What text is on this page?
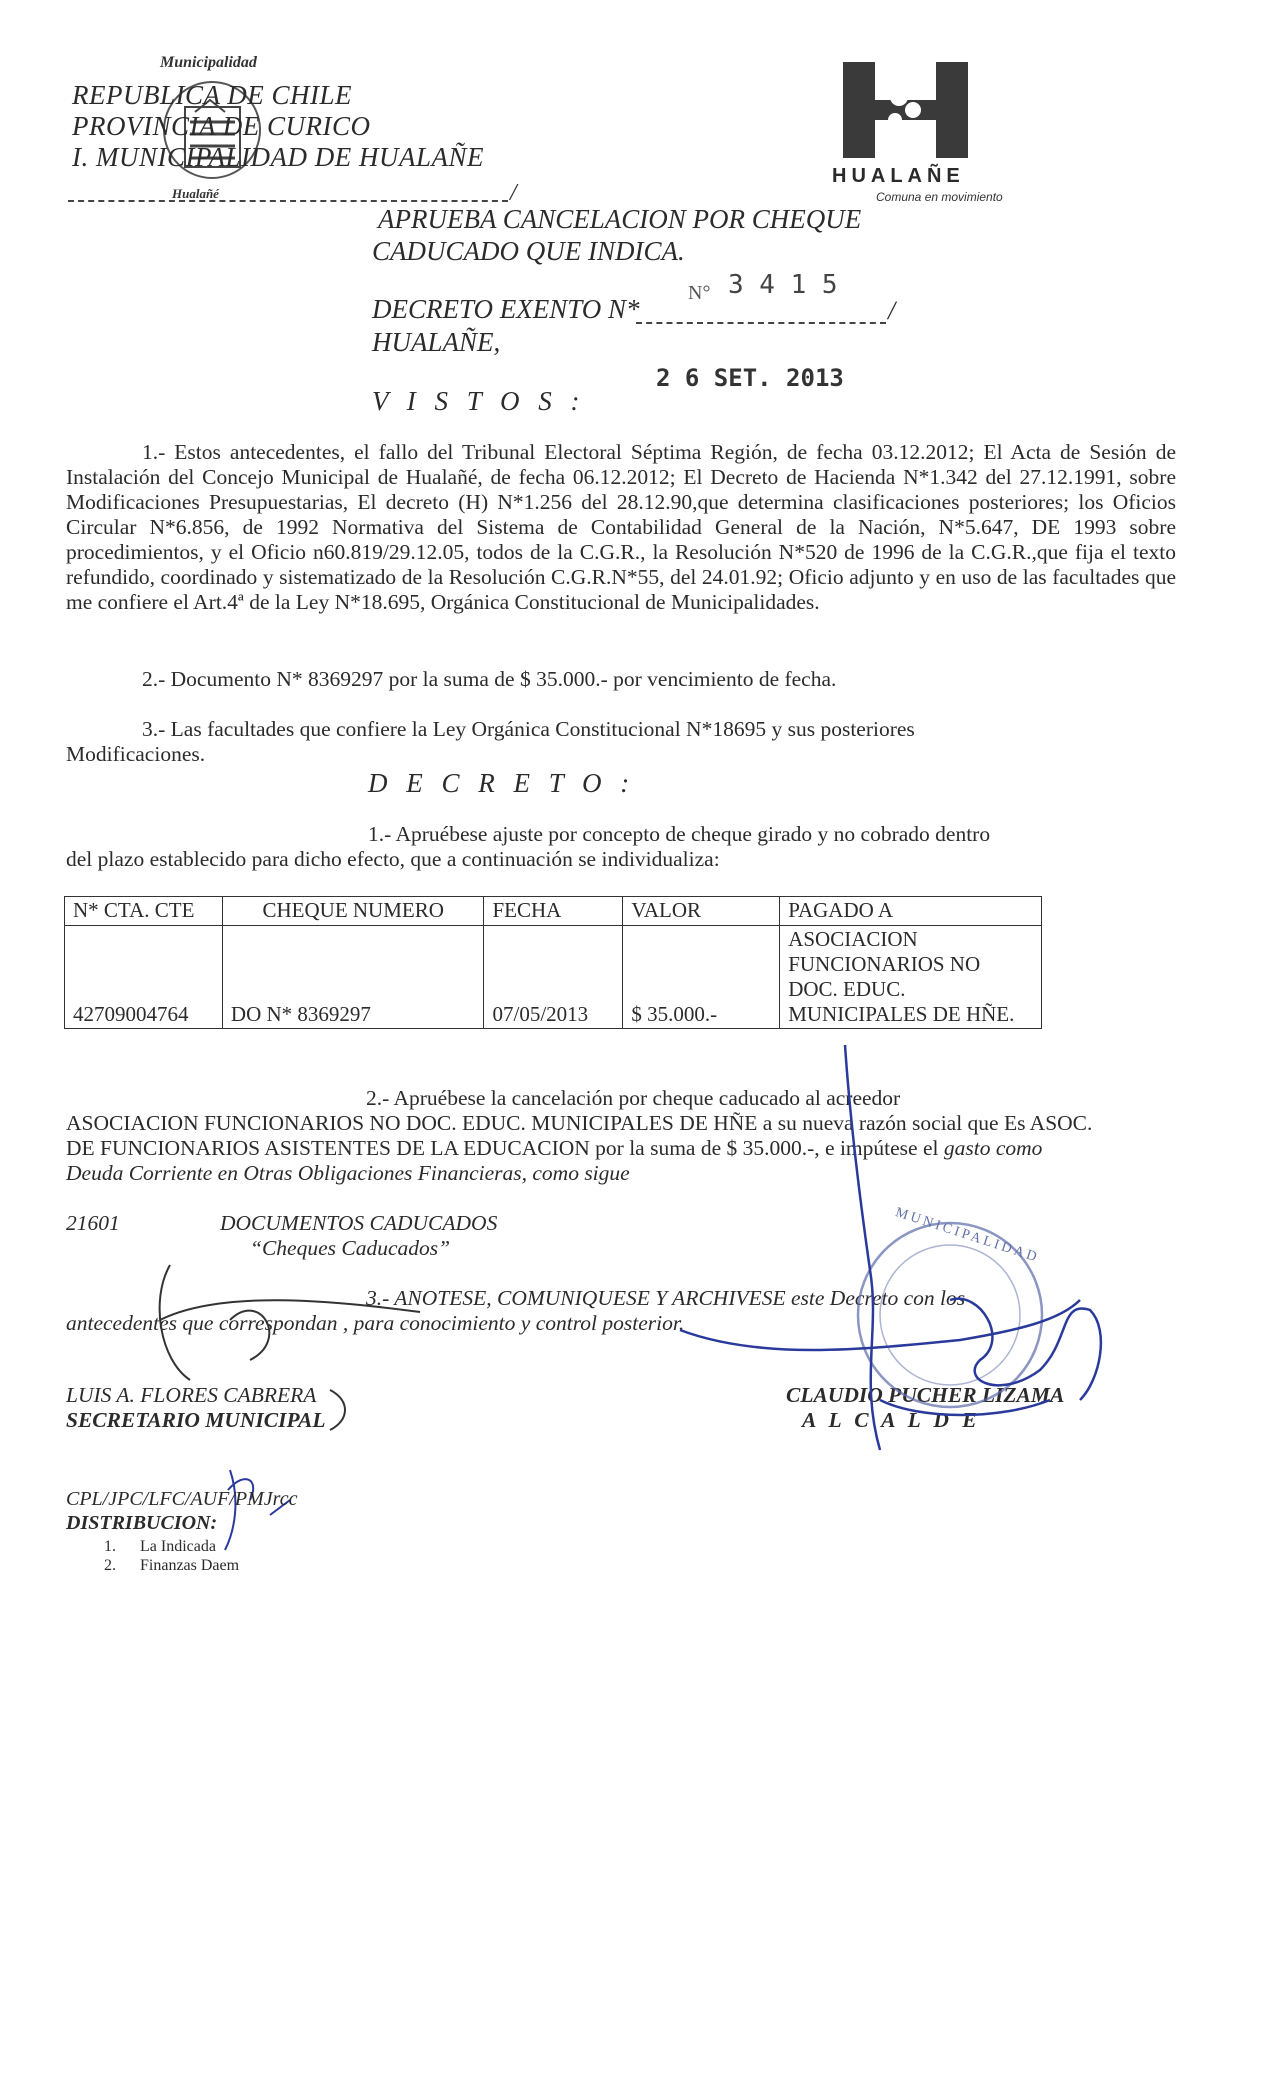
Municipalidad
Hualañé
REPUBLICA DE CHILE
PROVINCIA DE CURICO
I. MUNICIPALIDAD DE HUALAÑE
/
HUALAÑE
Comuna en movimiento
APRUEBA CANCELACION POR CHEQUE
CADUCADO QUE INDICA.
DECRETO EXENTO N*	/
N° 3 4 1 5
HUALAÑE,
2 6 SET. 2013
V I S T O S :
1.- Estos antecedentes, el fallo del Tribunal Electoral Séptima Región, de fecha 03.12.2012; El Acta de Sesión de Instalación del Concejo Municipal de Hualañé, de fecha 06.12.2012; El Decreto de Hacienda N*1.342 del 27.12.1991, sobre Modificaciones Presupuestarias, El decreto (H) N*1.256 del 28.12.90,que determina clasificaciones posteriores; los Oficios Circular N*6.856, de 1992 Normativa del Sistema de Contabilidad General de la Nación, N*5.647, DE 1993 sobre procedimientos, y el Oficio n60.819/29.12.05, todos de la C.G.R., la Resolución N*520 de 1996 de la C.G.R.,que fija el texto refundido, coordinado y sistematizado de la Resolución C.G.R.N*55, del 24.01.92; Oficio adjunto y en uso de las facultades que me confiere el Art.4ª de la Ley N*18.695, Orgánica Constitucional de Municipalidades.
2.- Documento N* 8369297 por la suma de $ 35.000.- por vencimiento de fecha.
3.- Las facultades que confiere la Ley Orgánica Constitucional N*18695 y sus posteriores
Modificaciones.
D E C R E T O :
1.- Apruébese ajuste por concepto de cheque girado y no cobrado dentro
del plazo establecido para dicho efecto, que a continuación se individualiza:
N* CTA. CTE	CHEQUE NUMERO	FECHA	VALOR	PAGADO A
42709004764	DO N* 8369297	07/05/2013	$ 35.000.-	ASOCIACION
FUNCIONARIOS NO
DOC. EDUC.
MUNICIPALES DE HÑE.
2.- Apruébese la cancelación por cheque caducado al acreedor
ASOCIACION FUNCIONARIOS NO DOC. EDUC. MUNICIPALES DE HÑE a su nueva razón social que Es ASOC.
DE FUNCIONARIOS ASISTENTES DE LA EDUCACION por la suma de $ 35.000.-, e impútese el gasto como
Deuda Corriente en Otras Obligaciones Financieras, como sigue
21601	DOCUMENTOS CADUCADOS
“Cheques Caducados”
3.- ANOTESE, COMUNIQUESE Y ARCHIVESE este Decreto con los
antecedentes que correspondan , para conocimiento y control posterior.
LUIS A. FLORES CABRERA
SECRETARIO MUNICIPAL
CLAUDIO PUCHER LIZAMA
A L C A L D E
MUNICIPALIDAD
CPL/JPC/LFC/AUF/PMJrcc
DISTRIBUCION:
1. La Indicada
2. Finanzas Daem
